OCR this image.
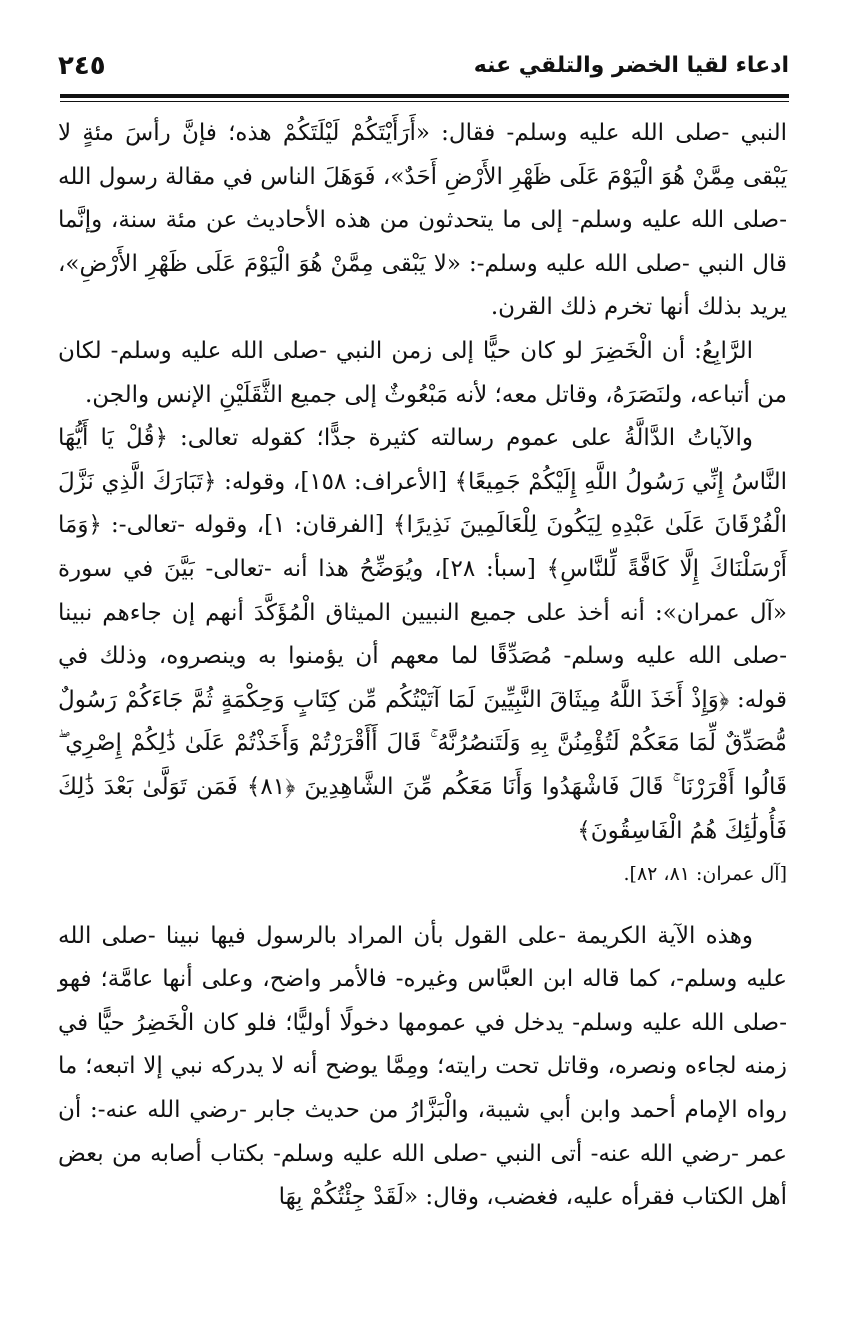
ادعاء لقيا الخضر والتلقي عنه
٢٤٥

النبي -صلى الله عليه وسلم- فقال: «أَرَأَيْتَكُمْ لَيْلَتَكُمْ هذه؛ فإنَّ رأسَ مئةٍ لا يَبْقى مِمَّنْ هُوَ الْيَوْمَ عَلَى ظَهْرِ الأَرْضِ أَحَدٌ»، فَوَهَلَ الناس في مقالة رسول الله -صلى الله عليه وسلم- إلى ما يتحدثون من هذه الأحاديث عن مئة سنة، وإنَّما قال النبي -صلى الله عليه وسلم-: «لا يَبْقى مِمَّنْ هُوَ الْيَوْمَ عَلَى ظَهْرِ الأَرْضِ»، يريد بذلك أنها تخرم ذلك القرن.

الرَّابِعُ: أن الْخَضِرَ لو كان حيًّا إلى زمن النبي -صلى الله عليه وسلم- لكان من أتباعه، ولنَصَرَهُ، وقاتل معه؛ لأنه مَبْعُوثٌ إلى جميع الثَّقَلَيْنِ الإنس والجن.

والآياتُ الدَّالَّةُ على عموم رسالته كثيرة جدًّا؛ كقوله تعالى: ﴿قُلْ يَا أَيُّهَا النَّاسُ إِنِّي رَسُولُ اللَّهِ إِلَيْكُمْ جَمِيعًا﴾ [الأعراف: ١٥٨]، وقوله: ﴿تَبَارَكَ الَّذِي نَزَّلَ الْفُرْقَانَ عَلَىٰ عَبْدِهِ لِيَكُونَ لِلْعَالَمِينَ نَذِيرًا﴾ [الفرقان: ١]، وقوله -تعالى-: ﴿وَمَا أَرْسَلْنَاكَ إِلَّا كَافَّةً لِّلنَّاسِ﴾ [سبأ: ٢٨]، ويُوَضِّحُ هذا أنه -تعالى- بَيَّنَ في سورة «آل عمران»: أنه أخذ على جميع النبيين الميثاق الْمُؤَكَّدَ أنهم إن جاءهم نبينا -صلى الله عليه وسلم- مُصَدِّقًا لما معهم أن يؤمنوا به وينصروه، وذلك في قوله: ﴿وَإِذْ أَخَذَ اللَّهُ مِيثَاقَ النَّبِيِّينَ لَمَا آتَيْتُكُم مِّن كِتَابٍ وَحِكْمَةٍ ثُمَّ جَاءَكُمْ رَسُولٌ مُّصَدِّقٌ لِّمَا مَعَكُمْ لَتُؤْمِنُنَّ بِهِ وَلَتَنصُرُنَّهُ ۚ قَالَ أَأَقْرَرْتُمْ وَأَخَذْتُمْ عَلَىٰ ذَٰلِكُمْ إِصْرِي ۖ قَالُوا أَقْرَرْنَا ۚ قَالَ فَاشْهَدُوا وَأَنَا مَعَكُم مِّنَ الشَّاهِدِينَ ﴿٨١﴾ فَمَن تَوَلَّىٰ بَعْدَ ذَٰلِكَ فَأُولَٰئِكَ هُمُ الْفَاسِقُونَ﴾

[آل عمران: ٨١، ٨٢].

وهذه الآية الكريمة -على القول بأن المراد بالرسول فيها نبينا -صلى الله عليه وسلم-، كما قاله ابن العبَّاس وغيره- فالأمر واضح، وعلى أنها عامَّة؛ فهو -صلى الله عليه وسلم- يدخل في عمومها دخولًا أوليًّا؛ فلو كان الْخَضِرُ حيًّا في زمنه لجاءه ونصره، وقاتل تحت رايته؛ ومِمَّا يوضح أنه لا يدركه نبي إلا اتبعه؛ ما رواه الإمام أحمد وابن أبي شيبة، والْبَزَّارُ من حديث جابر -رضي الله عنه-: أن عمر -رضي الله عنه- أتى النبي -صلى الله عليه وسلم- بكتاب أصابه من بعض أهل الكتاب فقرأه عليه، فغضب، وقال: «لَقَدْ جِئْتُكُمْ بِهَا
